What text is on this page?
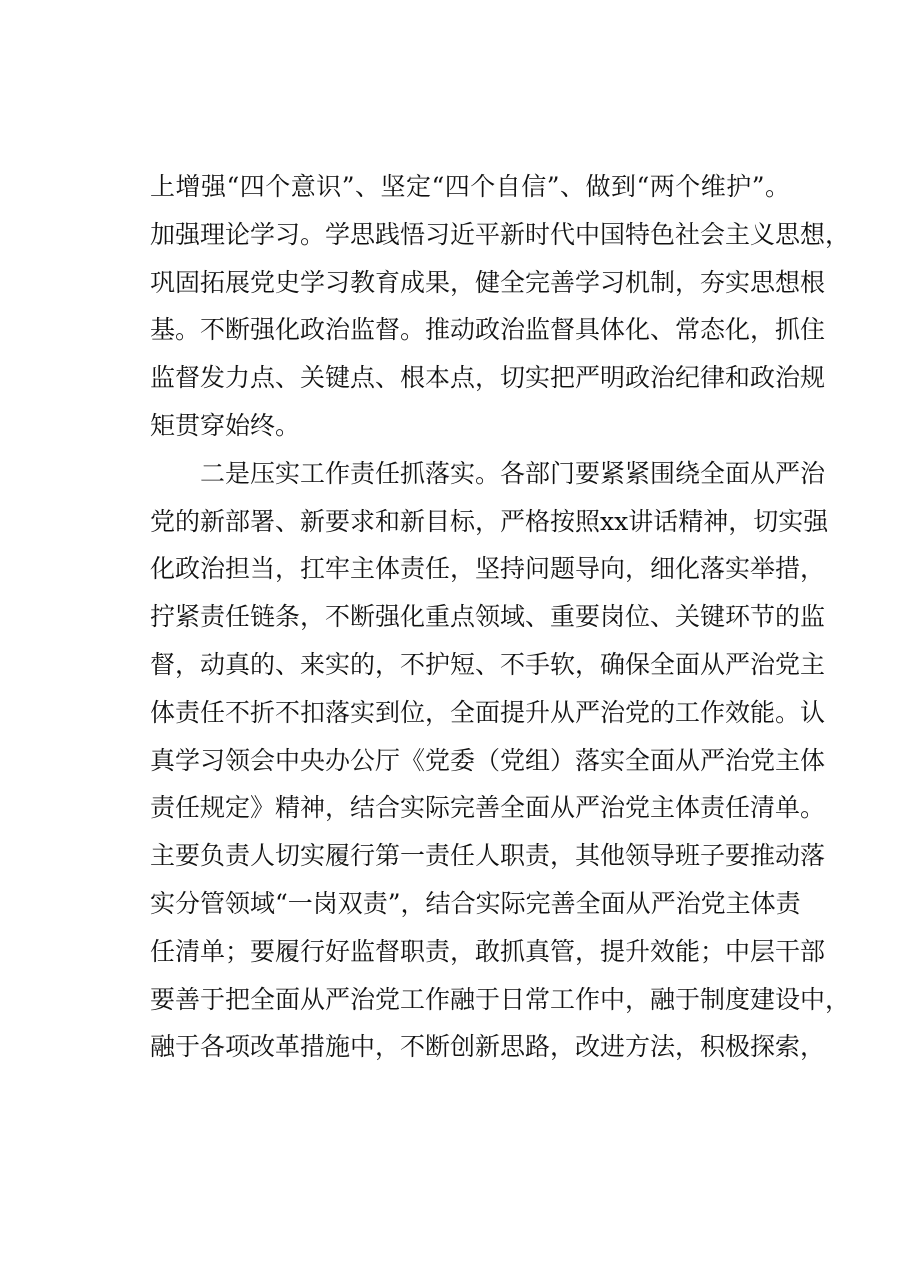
上增强“四个意识”、坚定“四个自信”、做到“两个维护”。
加强理论学习。学思践悟习近平新时代中国特色社会主义思想，
巩固拓展党史学习教育成果，健全完善学习机制，夯实思想根
基。不断强化政治监督。推动政治监督具体化、常态化，抓住
监督发力点、关键点、根本点，切实把严明政治纪律和政治规
矩贯穿始终。
二是压实工作责任抓落实。各部门要紧紧围绕全面从严治
党的新部署、新要求和新目标，严格按照xx讲话精神，切实强
化政治担当，扛牢主体责任，坚持问题导向，细化落实举措，
拧紧责任链条，不断强化重点领域、重要岗位、关键环节的监
督，动真的、来实的，不护短、不手软，确保全面从严治党主
体责任不折不扣落实到位，全面提升从严治党的工作效能。认
真学习领会中央办公厅《党委（党组）落实全面从严治党主体
责任规定》精神，结合实际完善全面从严治党主体责任清单。
主要负责人切实履行第一责任人职责，其他领导班子要推动落
实分管领域“一岗双责”，结合实际完善全面从严治党主体责
任清单；要履行好监督职责，敢抓真管，提升效能；中层干部
要善于把全面从严治党工作融于日常工作中，融于制度建设中，
融于各项改革措施中，不断创新思路，改进方法，积极探索，
